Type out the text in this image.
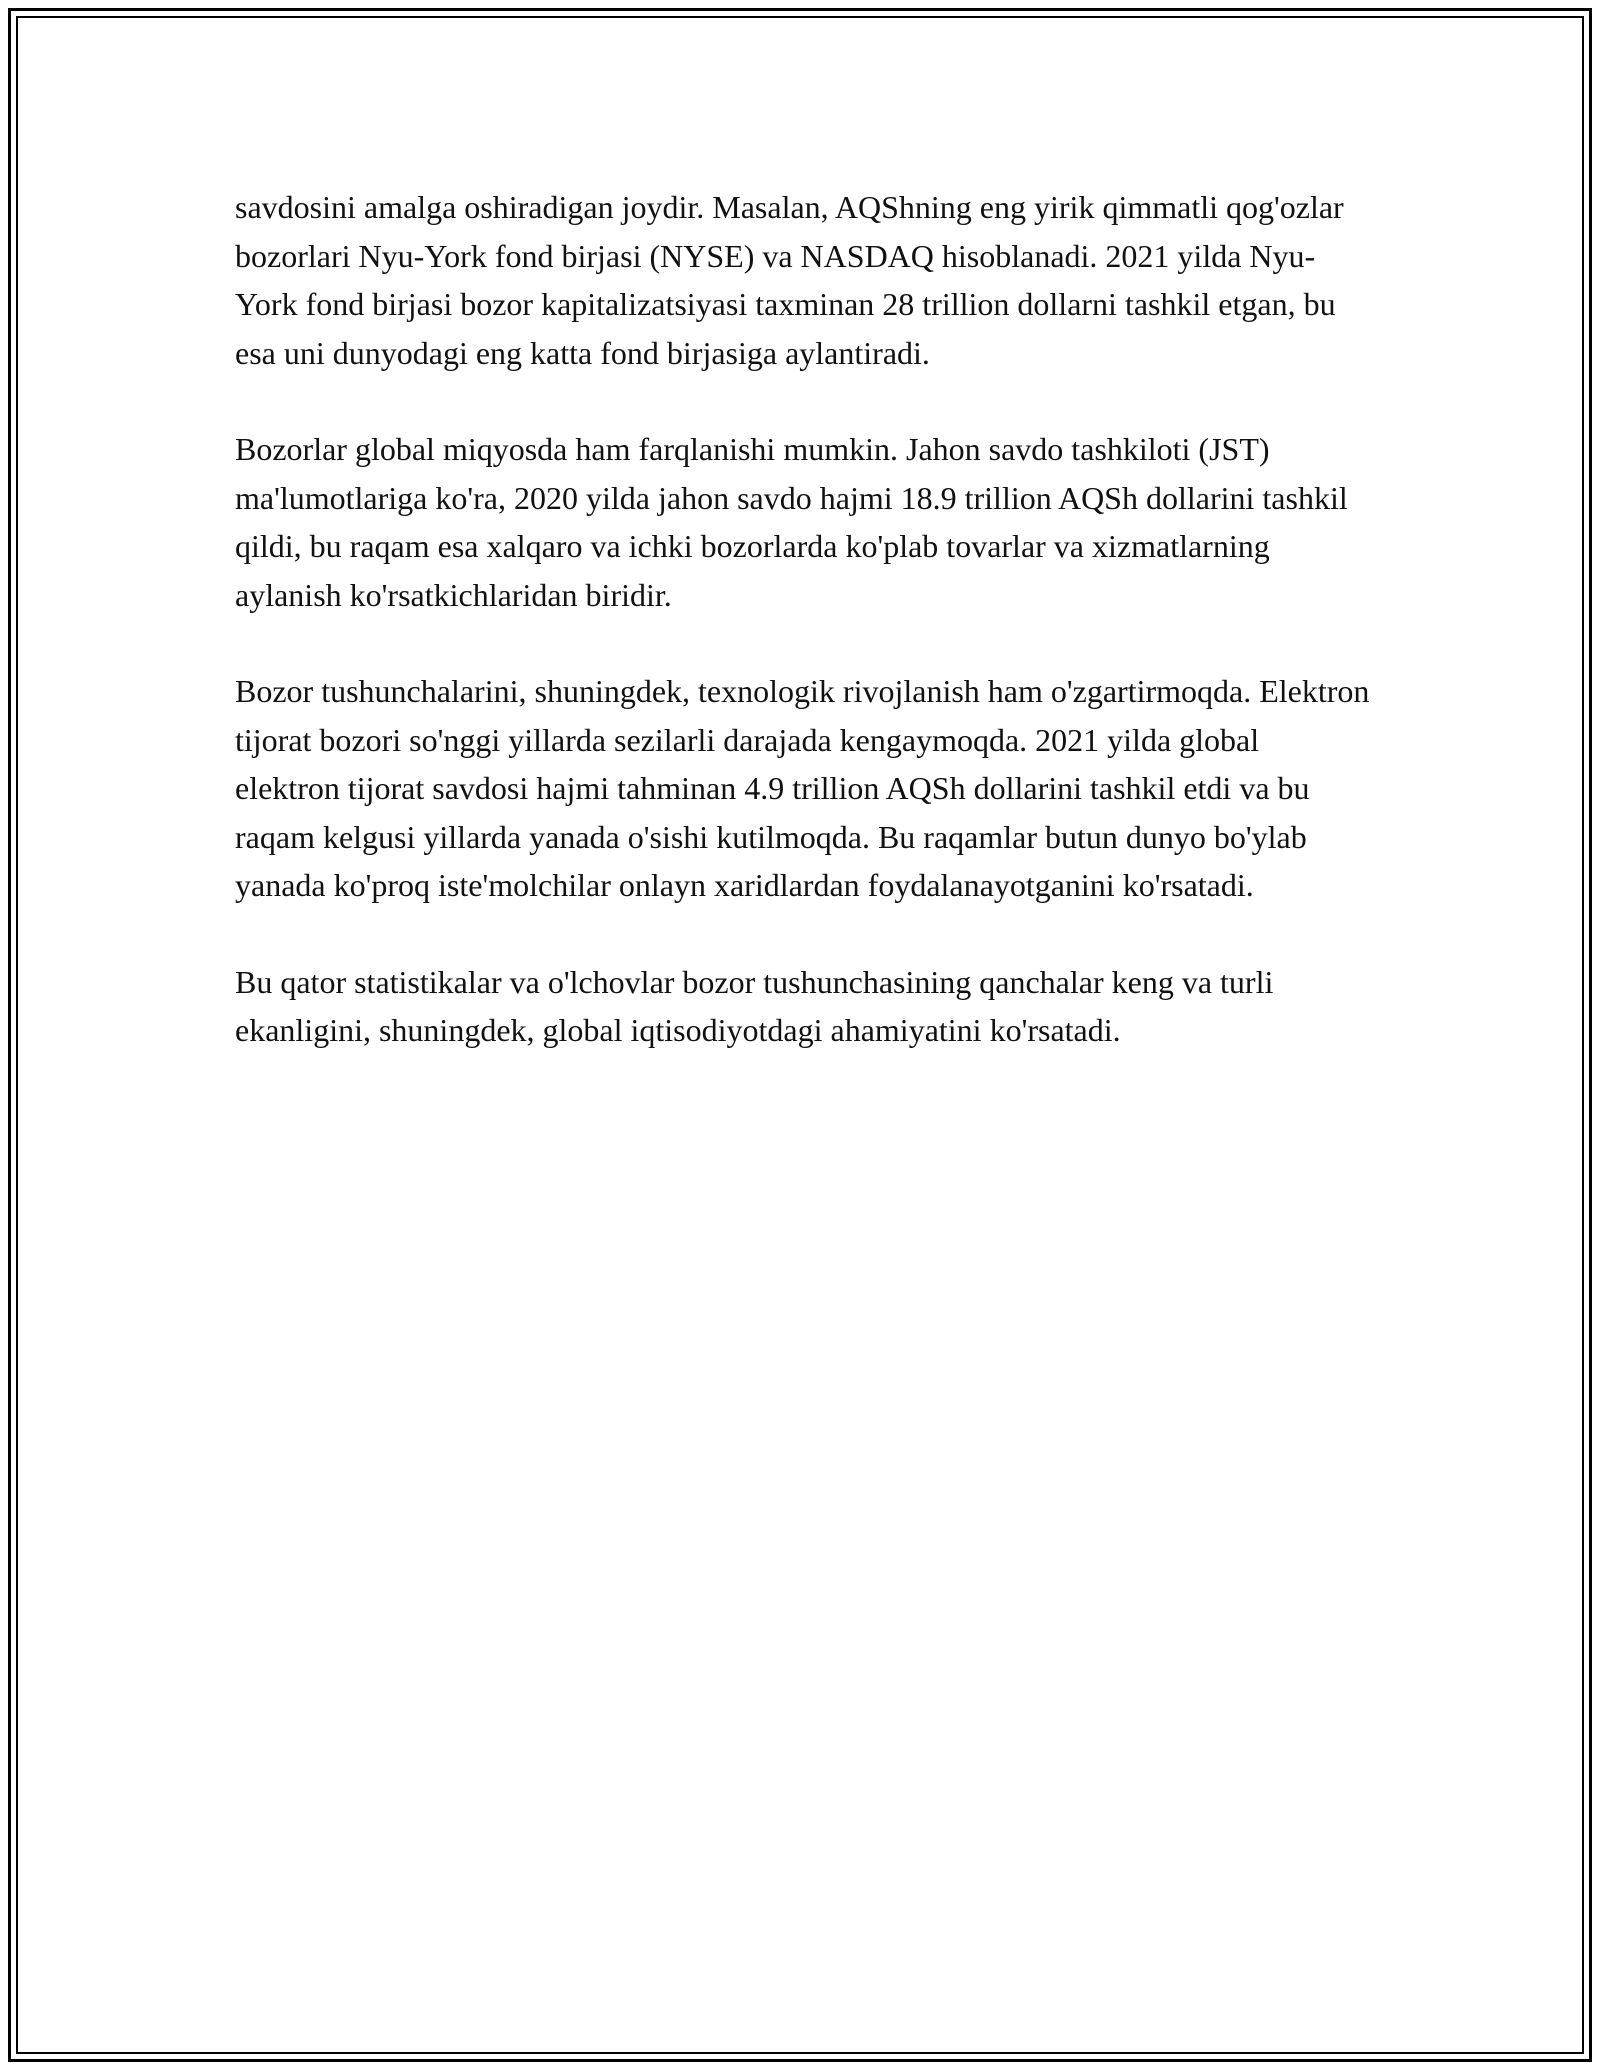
savdosini amalga oshiradigan joydir. Masalan, AQShning eng yirik qimmatli qog'ozlar bozorlari Nyu-York fond birjasi (NYSE) va NASDAQ hisoblanadi. 2021 yilda Nyu-York fond birjasi bozor kapitalizatsiyasi taxminan 28 trillion dollarni tashkil etgan, bu esa uni dunyodagi eng katta fond birjasiga aylantiradi.

Bozorlar global miqyosda ham farqlanishi mumkin. Jahon savdo tashkiloti (JST) ma'lumotlariga ko'ra, 2020 yilda jahon savdo hajmi 18.9 trillion AQSh dollarini tashkil qildi, bu raqam esa xalqaro va ichki bozorlarda ko'plab tovarlar va xizmatlarning aylanish ko'rsatkichlaridan biridir.

Bozor tushunchalarini, shuningdek, texnologik rivojlanish ham o'zgartirmoqda. Elektron tijorat bozori so'nggi yillarda sezilarli darajada kengaymoqda. 2021 yilda global elektron tijorat savdosi hajmi tahminan 4.9 trillion AQSh dollarini tashkil etdi va bu raqam kelgusi yillarda yanada o'sishi kutilmoqda. Bu raqamlar butun dunyo bo'ylab yanada ko'proq iste'molchilar onlayn xaridlardan foydalanayotganini ko'rsatadi.

Bu qator statistikalar va o'lchovlar bozor tushunchasining qanchalar keng va turli ekanligini, shuningdek, global iqtisodiyotdagi ahamiyatini ko'rsatadi.
